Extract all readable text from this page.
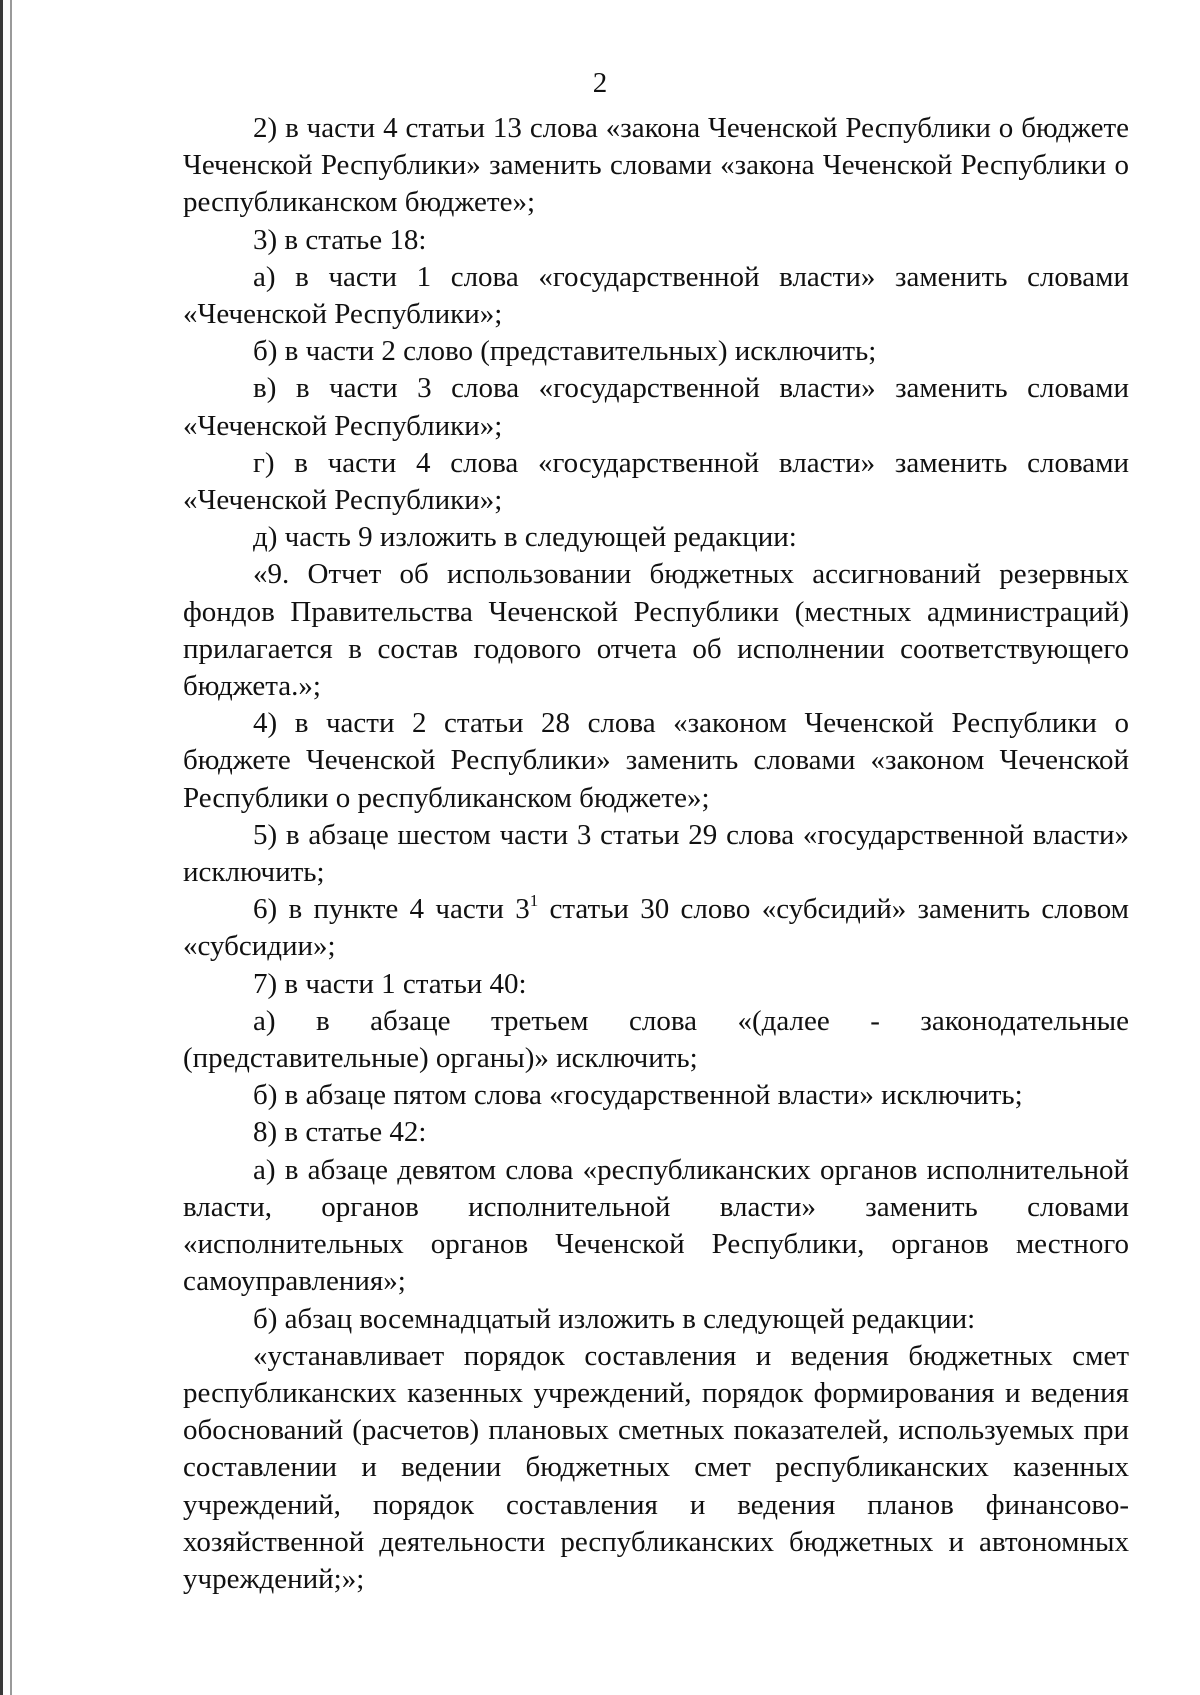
2

2) в части 4 статьи 13 слова «закона Чеченской Республики о бюджете Чеченской Республики» заменить словами «закона Чеченской Республики о республиканском бюджете»;

3) в статье 18:

а) в части 1 слова «государственной власти» заменить словами «Чеченской Республики»;

б) в части 2 слово (представительных) исключить;

в) в части 3 слова «государственной власти» заменить словами «Чеченской Республики»;

г) в части 4 слова «государственной власти» заменить словами «Чеченской Республики»;

д) часть 9 изложить в следующей редакции:

«9. Отчет об использовании бюджетных ассигнований резервных фондов Правительства Чеченской Республики (местных администраций) прилагается в состав годового отчета об исполнении соответствующего бюджета.»;

4) в части 2 статьи 28 слова «законом Чеченской Республики о бюджете Чеченской Республики» заменить словами «законом Чеченской Республики о республиканском бюджете»;

5) в абзаце шестом части 3 статьи 29 слова «государственной власти» исключить;

6) в пункте 4 части $3^1$ статьи 30 слово «субсидий» заменить словом «субсидии»;

7) в части 1 статьи 40:

а) в абзаце третьем слова «(далее - законодательные (представительные) органы)» исключить;

б) в абзаце пятом слова «государственной власти» исключить;

8) в статье 42:

а) в абзаце девятом слова «республиканских органов исполнительной власти, органов исполнительной власти» заменить словами «исполнительных органов Чеченской Республики, органов местного самоуправления»;

б) абзац восемнадцатый изложить в следующей редакции:

«устанавливает порядок составления и ведения бюджетных смет республиканских казенных учреждений, порядок формирования и ведения обоснований (расчетов) плановых сметных показателей, используемых при составлении и ведении бюджетных смет республиканских казенных учреждений, порядок составления и ведения планов финансово-хозяйственной деятельности республиканских бюджетных и автономных учреждений;»;
